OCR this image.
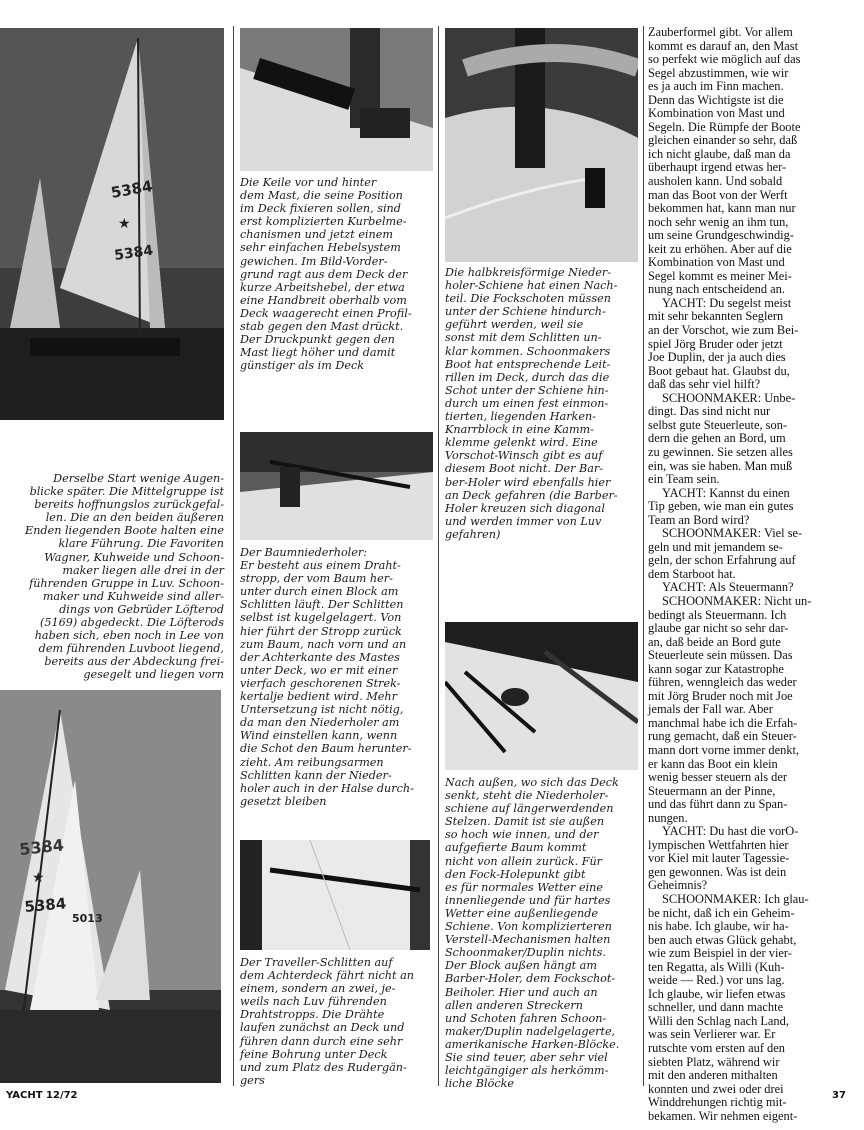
5384
5384
★

Derselbe Start wenige Augen-
blicke später. Die Mittelgruppe ist
bereits hoffnungslos zurückgefal-
len. Die an den beiden äußeren
Enden liegenden Boote halten eine
klare Führung. Die Favoriten
Wagner, Kuhweide und Schoon-
maker liegen alle drei in der
führenden Gruppe in Luv. Schoon-
maker und Kuhweide sind aller-
dings von Gebrüder Löfterod
(5169) abgedeckt. Die Löfterods
haben sich, eben noch in Lee von
dem führenden Luvboot liegend,
bereits aus der Abdeckung frei-
gesegelt und liegen vorn

5384
5384
5013
★

Die Keile vor und hinter
dem Mast, die seine Position
im Deck fixieren sollen, sind
erst komplizierten Kurbelme-
chanismen und jetzt einem
sehr einfachen Hebelsystem
gewichen. Im Bild-Vorder-
grund ragt aus dem Deck der
kurze Arbeitshebel, der etwa
eine Handbreit oberhalb vom
Deck waagerecht einen Profil-
stab gegen den Mast drückt.
Der Druckpunkt gegen den
Mast liegt höher und damit
günstiger als im Deck

Der Baumniederholer:
Er besteht aus einem Draht-
stropp, der vom Baum her-
unter durch einen Block am
Schlitten läuft. Der Schlitten
selbst ist kugelgelagert. Von
hier führt der Stropp zurück
zum Baum, nach vorn und an
der Achterkante des Mastes
unter Deck, wo er mit einer
vierfach geschorenen Strek-
kertalje bedient wird. Mehr
Untersetzung ist nicht nötig,
da man den Niederholer am
Wind einstellen kann, wenn
die Schot den Baum herunter-
zieht. Am reibungsarmen
Schlitten kann der Nieder-
holer auch in der Halse durch-
gesetzt bleiben

Der Traveller-Schlitten auf
dem Achterdeck fährt nicht an
einem, sondern an zwei, je-
weils nach Luv führenden
Drahtstropps. Die Drähte
laufen zunächst an Deck und
führen dann durch eine sehr
feine Bohrung unter Deck
und zum Platz des Rudergän-
gers

Die halbkreisförmige Nieder-
holer-Schiene hat einen Nach-
teil. Die Fockschoten müssen
unter der Schiene hindurch-
geführt werden, weil sie
sonst mit dem Schlitten un-
klar kommen. Schoonmakers
Boot hat entsprechende Leit-
rillen im Deck, durch das die
Schot unter der Schiene hin-
durch um einen fest einmon-
tierten, liegenden Harken-
Knarrblock in eine Kamm-
klemme gelenkt wird. Eine
Vorschot-Winsch gibt es auf
diesem Boot nicht. Der Bar-
ber-Holer wird ebenfalls hier
an Deck gefahren (die Barber-
Holer kreuzen sich diagonal
und werden immer von Luv
gefahren)

Nach außen, wo sich das Deck
senkt, steht die Niederholer-
schiene auf längerwerdenden
Stelzen. Damit ist sie außen
so hoch wie innen, und der
aufgefierte Baum kommt
nicht von allein zurück. Für
den Fock-Holepunkt gibt
es für normales Wetter eine
innenliegende und für hartes
Wetter eine außenliegende
Schiene. Von komplizierteren
Verstell-Mechanismen halten
Schoonmaker/Duplin nichts.
Der Block außen hängt am
Barber-Holer, dem Fockschot-
Beiholer. Hier und auch an
allen anderen Streckern
und Schoten fahren Schoon-
maker/Duplin nadelgelagerte,
amerikanische Harken-Blöcke.
Sie sind teuer, aber sehr viel
leichtgängiger als herkömm-
liche Blöcke

Zauberformel gibt. Vor allem
kommt es darauf an, den Mast
so perfekt wie möglich auf das
Segel abzustimmen, wie wir
es ja auch im Finn machen.
Denn das Wichtigste ist die
Kombination von Mast und
Segeln. Die Rümpfe der Boote
gleichen einander so sehr, daß
ich nicht glaube, daß man da
überhaupt irgend etwas her-
ausholen kann. Und sobald
man das Boot von der Werft
bekommen hat, kann man nur
noch sehr wenig an ihm tun,
um seine Grundgeschwindig-
keit zu erhöhen. Aber auf die
Kombination von Mast und
Segel kommt es meiner Mei-
nung nach entscheidend an.

YACHT: Du segelst meist
mit sehr bekannten Seglern
an der Vorschot, wie zum Bei-
spiel Jörg Bruder oder jetzt
Joe Duplin, der ja auch dies
Boot gebaut hat. Glaubst du,
daß das sehr viel hilft?

SCHOONMAKER: Unbe-
dingt. Das sind nicht nur
selbst gute Steuerleute, son-
dern die gehen an Bord, um
zu gewinnen. Sie setzen alles
ein, was sie haben. Man muß
ein Team sein.

YACHT: Kannst du einen
Tip geben, wie man ein gutes
Team an Bord wird?

SCHOONMAKER: Viel se-
geln und mit jemandem se-
geln, der schon Erfahrung auf
dem Starboot hat.

YACHT: Als Steuermann?

SCHOONMAKER: Nicht un-
bedingt als Steuermann. Ich
glaube gar nicht so sehr dar-
an, daß beide an Bord gute
Steuerleute sein müssen. Das
kann sogar zur Katastrophe
führen, wenngleich das weder
mit Jörg Bruder noch mit Joe
jemals der Fall war. Aber
manchmal habe ich die Erfah-
rung gemacht, daß ein Steuer-
mann dort vorne immer denkt,
er kann das Boot ein klein
wenig besser steuern als der
Steuermann an der Pinne,
und das führt dann zu Span-
nungen.

YACHT: Du hast die vorO-
lympischen Wettfahrten hier
vor Kiel mit lauter Tagessie-
gen gewonnen. Was ist dein
Geheimnis?

SCHOONMAKER: Ich glau-
be nicht, daß ich ein Geheim-
nis habe. Ich glaube, wir ha-
ben auch etwas Glück gehabt,
wie zum Beispiel in der vier-
ten Regatta, als Willi (Kuh-
weide — Red.) vor uns lag.
Ich glaube, wir liefen etwas
schneller, und dann machte
Willi den Schlag nach Land,
was sein Verlierer war. Er
rutschte vom ersten auf den
siebten Platz, während wir
mit den anderen mithalten
konnten und zwei oder drei
Winddrehungen richtig mit-
bekamen. Wir nehmen eigent-

YACHT 12/72	37
